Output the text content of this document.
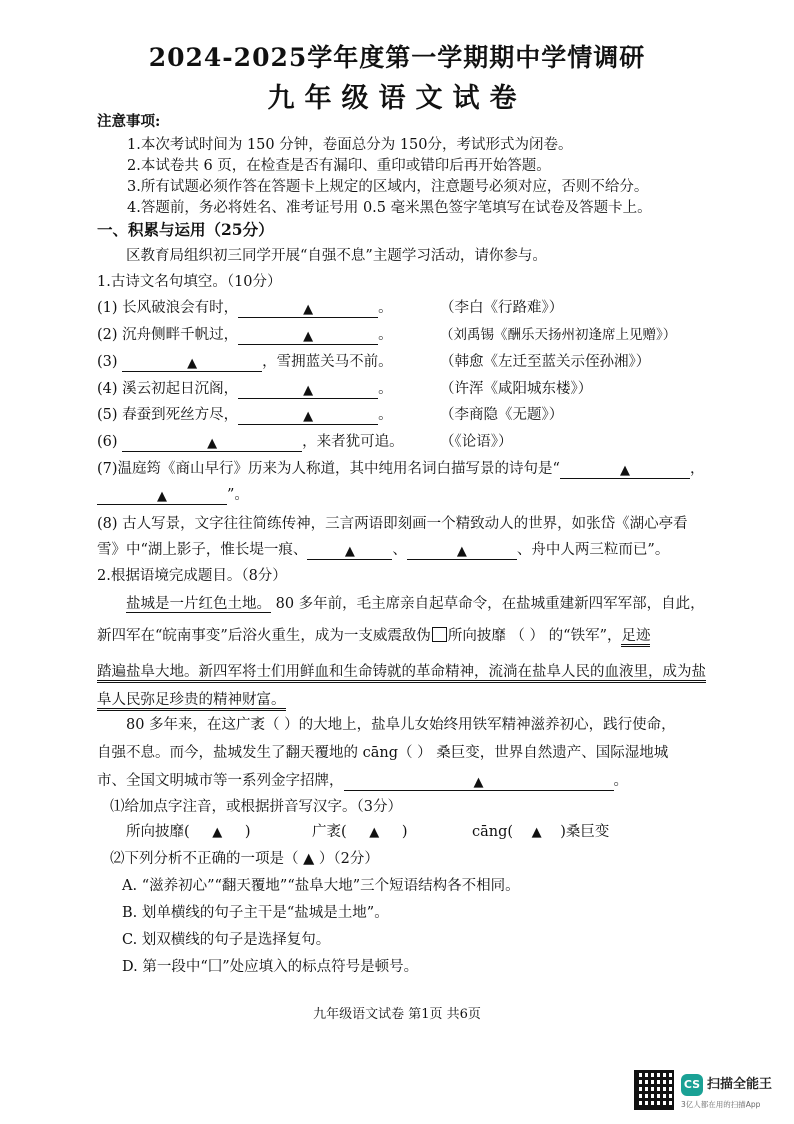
2024-2025学年度第一学期期中学情调研
九年级语文试卷
注意事项:
1.本次考试时间为 150 分钟，卷面总分为 150分，考试形式为闭卷。
2.本试卷共 6 页，在检查是否有漏印、重印或错印后再开始答题。
3.所有试题必须作答在答题卡上规定的区域内，注意题号必须对应，否则不给分。
4.答题前，务必将姓名、准考证号用 0.5 毫米黑色签字笔填写在试卷及答题卡上。
一、积累与运用（25分）
区教育局组织初三同学开展“自强不息”主题学习活动，请你参与。
1.古诗文名句填空。（10分）
(1) 长风破浪会有时，	▲	。	（李白《行路难》）
(2) 沉舟侧畔千帆过，	▲	。	（刘禹锡《酬乐天扬州初逢席上见赠》）
(3)	▲	，雪拥蓝关马不前。	（韩愈《左迁至蓝关示侄孙湘》）
(4) 溪云初起日沉阁，	▲	。	（许浑《咸阳城东楼》）
(5) 春蚕到死丝方尽，	▲	。	（李商隐《无题》）
(6)	▲	，来者犹可追。	（《论语》）
(7)温庭筠《商山早行》历来为人称道，其中纯用名词白描写景的诗句是“	▲	，
▲	”。
(8) 古人写景，文字往往简练传神，三言两语即刻画一个精致动人的世界，如张岱《湖心亭看
雪》中“湖上影子，惟长堤一痕、	▲	、	▲	、舟中人两三粒而已”。
2.根据语境完成题目。（8分）
盐城是一片红色土地。 80 多年前，毛主席亲自起草命令，在盐城重建新四军军部，自此，
新四军在“皖南事变”后浴火重生，成为一支威震敌伪 所向披靡 （ ） 的“铁军”，足迹
踏遍盐阜大地。新四军将士们用鲜血和生命铸就的革命精神，流淌在盐阜人民的血液里，成为盐
阜人民弥足珍贵的精神财富。
80 多年来，在这广袤（ ）的大地上，盐阜儿女始终用铁军精神滋养初心，践行使命，
自强不息。而今，盐城发生了翻天覆地的 cāng（ ） 桑巨变，世界自然遗产、国际湿地城
市、全国文明城市等一系列金字招牌，	▲	。
⑴给加点字注音，或根据拼音写汉字。（3分）
所向披靡( ▲ )	广袤( ▲ )	cāng( ▲ )桑巨变
⑵下列分析不正确的一项是（ ▲ ）（2分）
A. “滋养初心”“翻天覆地”“盐阜大地”三个短语结构各不相同。
B. 划单横线的句子主干是“盐城是土地”。
C. 划双横线的句子是选择复句。
D. 第一段中“囗”处应填入的标点符号是顿号。
九年级语文试卷 第1页 共6页
CS 扫描全能王
3亿人都在用的扫描App
